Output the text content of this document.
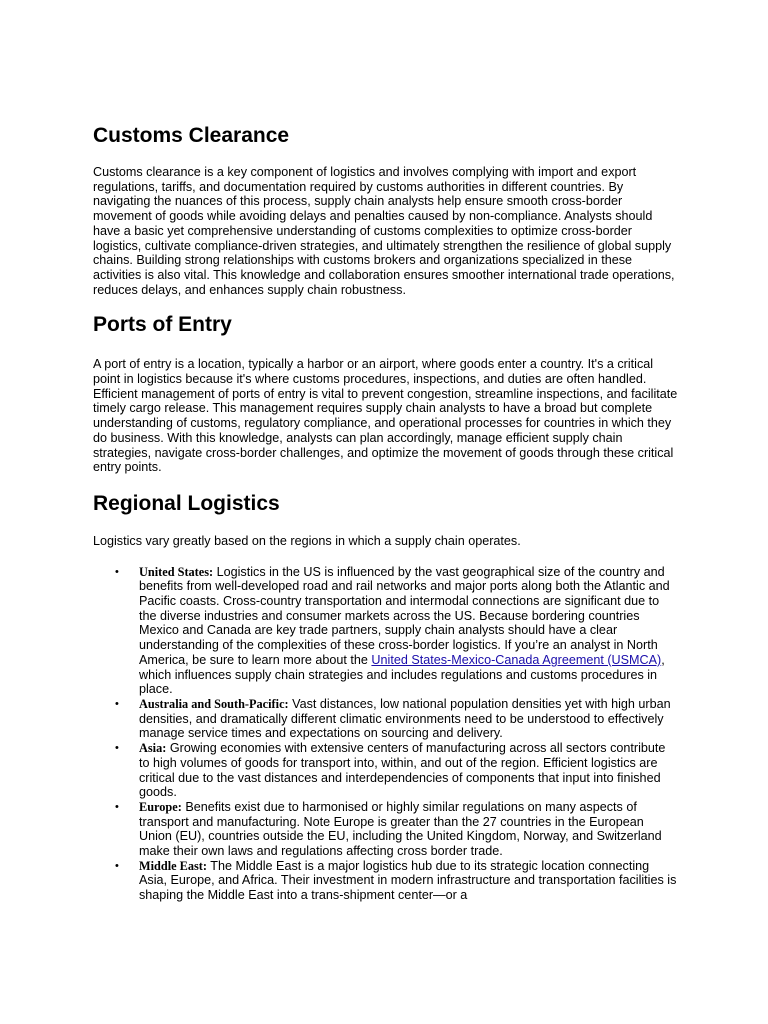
Customs Clearance

Customs clearance is a key component of logistics and involves complying with import and export regulations, tariffs, and documentation required by customs authorities in different countries. By navigating the nuances of this process, supply chain analysts help ensure smooth cross-border movement of goods while avoiding delays and penalties caused by non-compliance. Analysts should have a basic yet comprehensive understanding of customs complexities to optimize cross-border logistics, cultivate compliance-driven strategies, and ultimately strengthen the resilience of global supply chains. Building strong relationships with customs brokers and organizations specialized in these activities is also vital. This knowledge and collaboration ensures smoother international trade operations, reduces delays, and enhances supply chain robustness.

Ports of Entry

A port of entry is a location, typically a harbor or an airport, where goods enter a country. It's a critical point in logistics because it's where customs procedures, inspections, and duties are often handled. Efficient management of ports of entry is vital to prevent congestion, streamline inspections, and facilitate timely cargo release. This management requires supply chain analysts to have a broad but complete understanding of customs, regulatory compliance, and operational processes for countries in which they do business. With this knowledge, analysts can plan accordingly, manage efficient supply chain strategies, navigate cross-border challenges, and optimize the movement of goods through these critical entry points.

Regional Logistics

Logistics vary greatly based on the regions in which a supply chain operates.

• United States: Logistics in the US is influenced by the vast geographical size of the country and benefits from well-developed road and rail networks and major ports along both the Atlantic and Pacific coasts. Cross-country transportation and intermodal connections are significant due to the diverse industries and consumer markets across the US. Because bordering countries Mexico and Canada are key trade partners, supply chain analysts should have a clear understanding of the complexities of these cross-border logistics. If you’re an analyst in North America, be sure to learn more about the United States-Mexico-Canada Agreement (USMCA), which influences supply chain strategies and includes regulations and customs procedures in place.
• Australia and South-Pacific: Vast distances, low national population densities yet with high urban densities, and dramatically different climatic environments need to be understood to effectively manage service times and expectations on sourcing and delivery.
• Asia: Growing economies with extensive centers of manufacturing across all sectors contribute to high volumes of goods for transport into, within, and out of the region. Efficient logistics are critical due to the vast distances and interdependencies of components that input into finished goods.
• Europe: Benefits exist due to harmonised or highly similar regulations on many aspects of transport and manufacturing. Note Europe is greater than the 27 countries in the European Union (EU), countries outside the EU, including the United Kingdom, Norway, and Switzerland make their own laws and regulations affecting cross border trade.
• Middle East: The Middle East is a major logistics hub due to its strategic location connecting Asia, Europe, and Africa. Their investment in modern infrastructure and transportation facilities is shaping the Middle East into a trans-shipment center—or a
